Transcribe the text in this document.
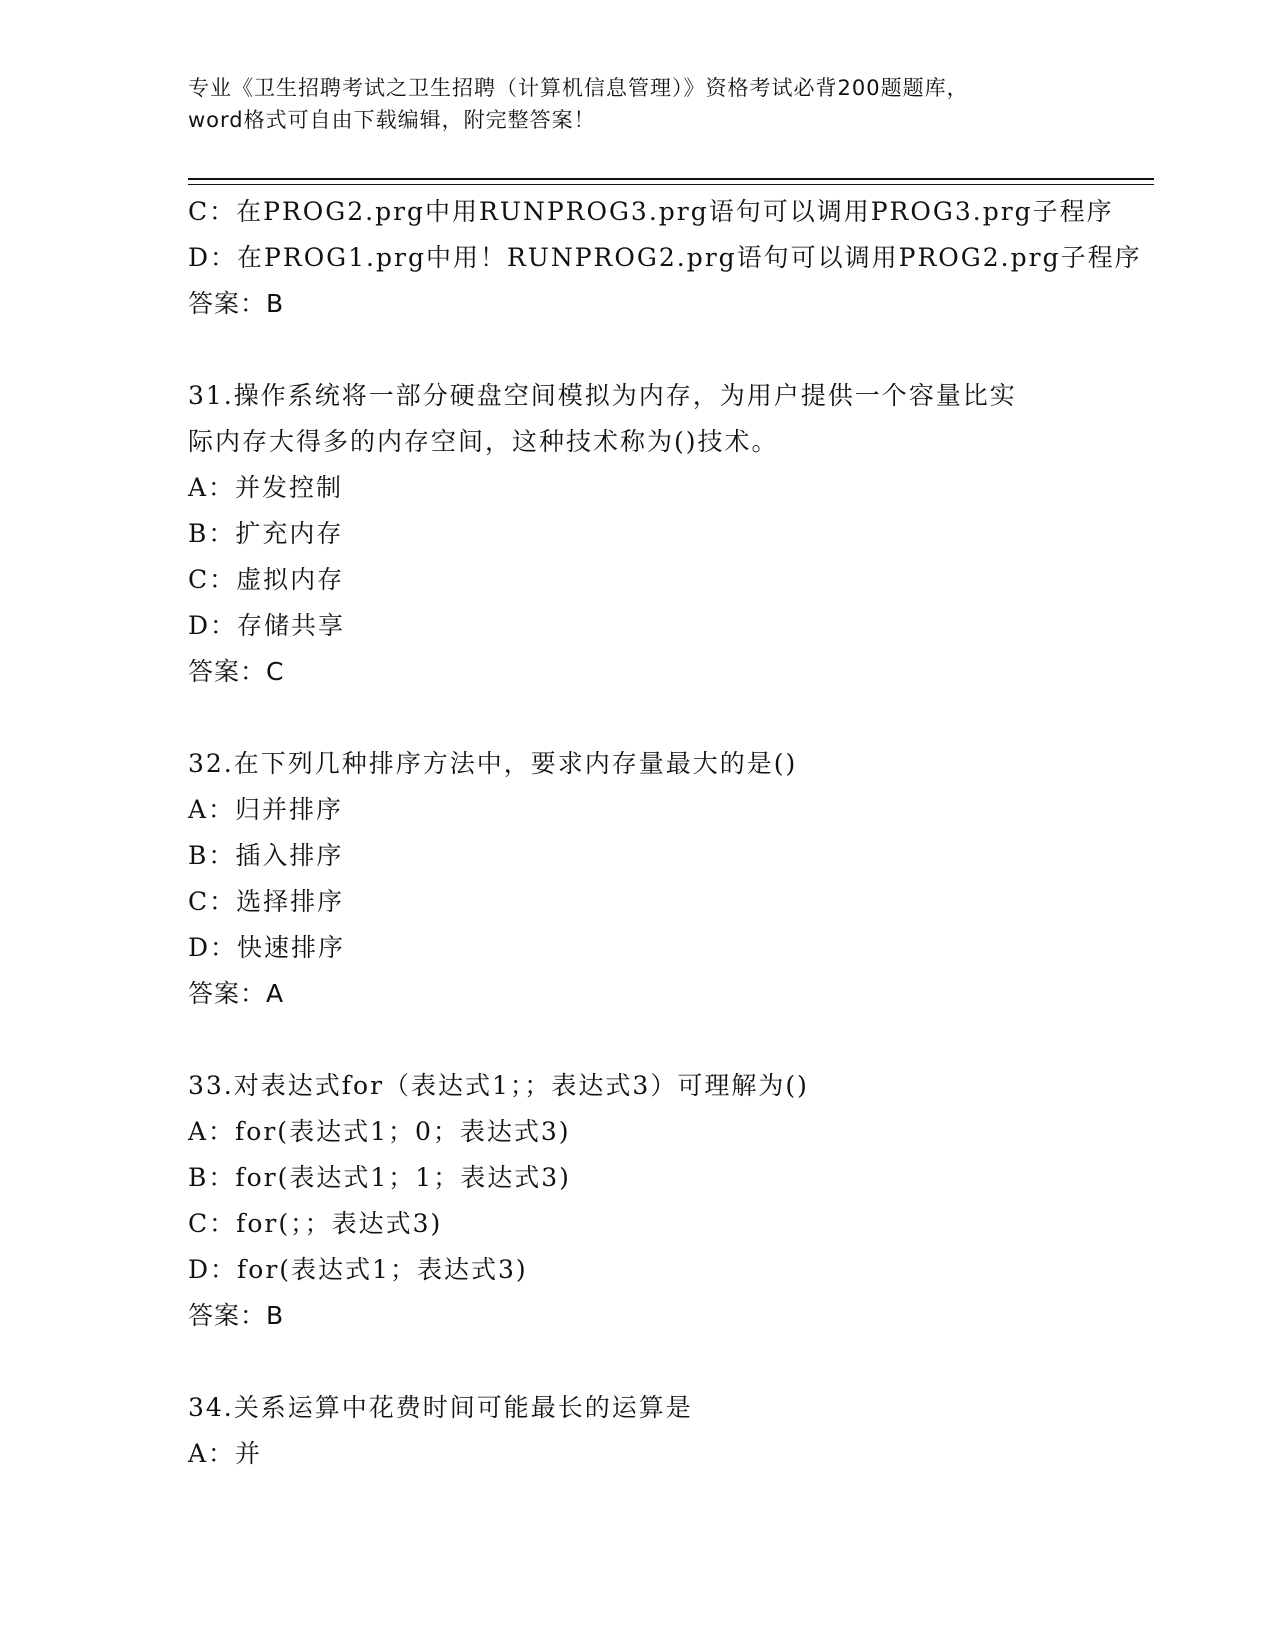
专业《卫生招聘考试之卫生招聘（计算机信息管理）》资格考试必背200题题库，
word格式可自由下载编辑，附完整答案！
C：在PROG2.prg中用RUNPROG3.prg语句可以调用PROG3.prg子程序
D：在PROG1.prg中用！RUNPROG2.prg语句可以调用PROG2.prg子程序
答案：B
31.操作系统将一部分硬盘空间模拟为内存，为用户提供一个容量比实
际内存大得多的内存空间，这种技术称为()技术。
A：并发控制
B：扩充内存
C：虚拟内存
D：存储共享
答案：C
32.在下列几种排序方法中，要求内存量最大的是()
A：归并排序
B：插入排序
C：选择排序
D：快速排序
答案：A
33.对表达式for（表达式1；；表达式3）可理解为()
A：for(表达式1；0；表达式3)
B：for(表达式1；1；表达式3)
C：for(；；表达式3)
D：for(表达式1；表达式3)
答案：B
34.关系运算中花费时间可能最长的运算是
A：并
